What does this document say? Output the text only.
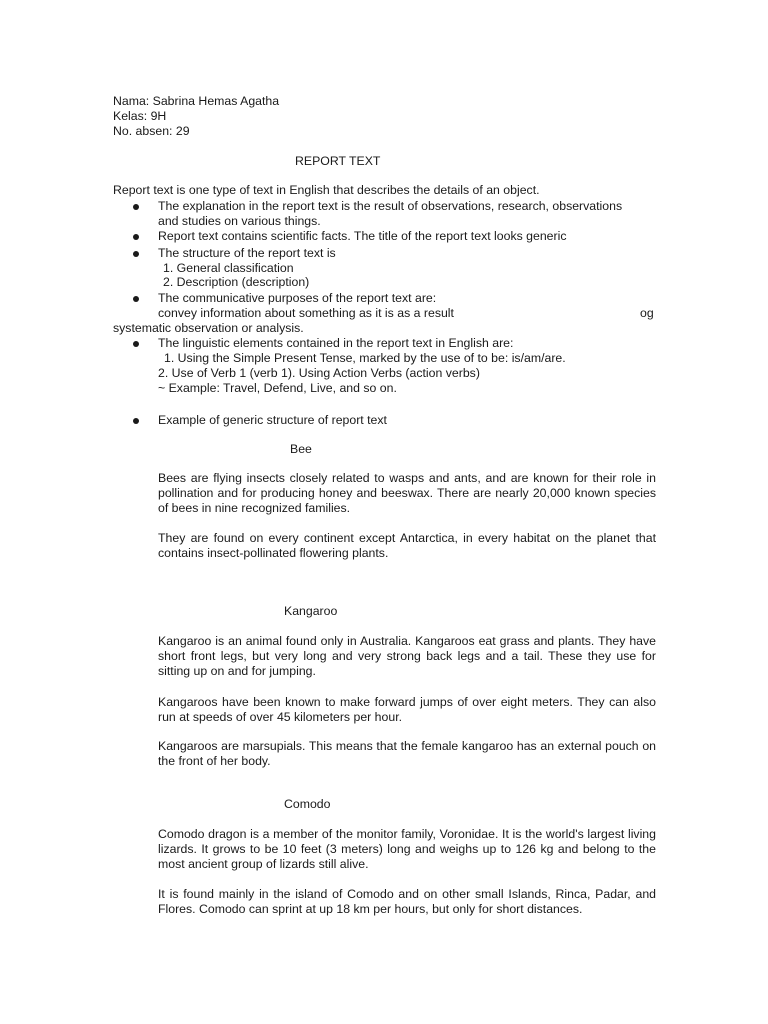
Nama: Sabrina Hemas Agatha
Kelas: 9H
No. absen: 29
REPORT TEXT
Report text is one type of text in English that describes the details of an object.
The explanation in the report text is the result of observations, research, observations
and studies on various things.
Report text contains scientific facts. The title of the report text looks generic
The structure of the report text is
1. General classification
2. Description (description)
The communicative purposes of the report text are:
convey information about something as it is as a result	og
systematic observation or analysis.
The linguistic elements contained in the report text in English are:
1. Using the Simple Present Tense, marked by the use of to be: is/am/are.
2. Use of Verb 1 (verb 1). Using Action Verbs (action verbs)
~ Example: Travel, Defend, Live, and so on.
Example of generic structure of report text
Bee
Bees are flying insects closely related to wasps and ants, and are known for their role in pollination and for producing honey and beeswax. There are nearly 20,000 known species of bees in nine recognized families.
They are found on every continent except Antarctica, in every habitat on the planet that contains insect-pollinated flowering plants.
Kangaroo
Kangaroo is an animal found only in Australia. Kangaroos eat grass and plants. They have short front legs, but very long and very strong back legs and a tail. These they use for sitting up on and for jumping.
Kangaroos have been known to make forward jumps of over eight meters. They can also run at speeds of over 45 kilometers per hour.
Kangaroos are marsupials. This means that the female kangaroo has an external pouch on the front of her body.
Comodo
Comodo dragon is a member of the monitor family, Voronidae. It is the world's largest living lizards. It grows to be 10 feet (3 meters) long and weighs up to 126 kg and belong to the most ancient group of lizards still alive.
It is found mainly in the island of Comodo and on other small Islands, Rinca, Padar, and Flores. Comodo can sprint at up 18 km per hours, but only for short distances.
